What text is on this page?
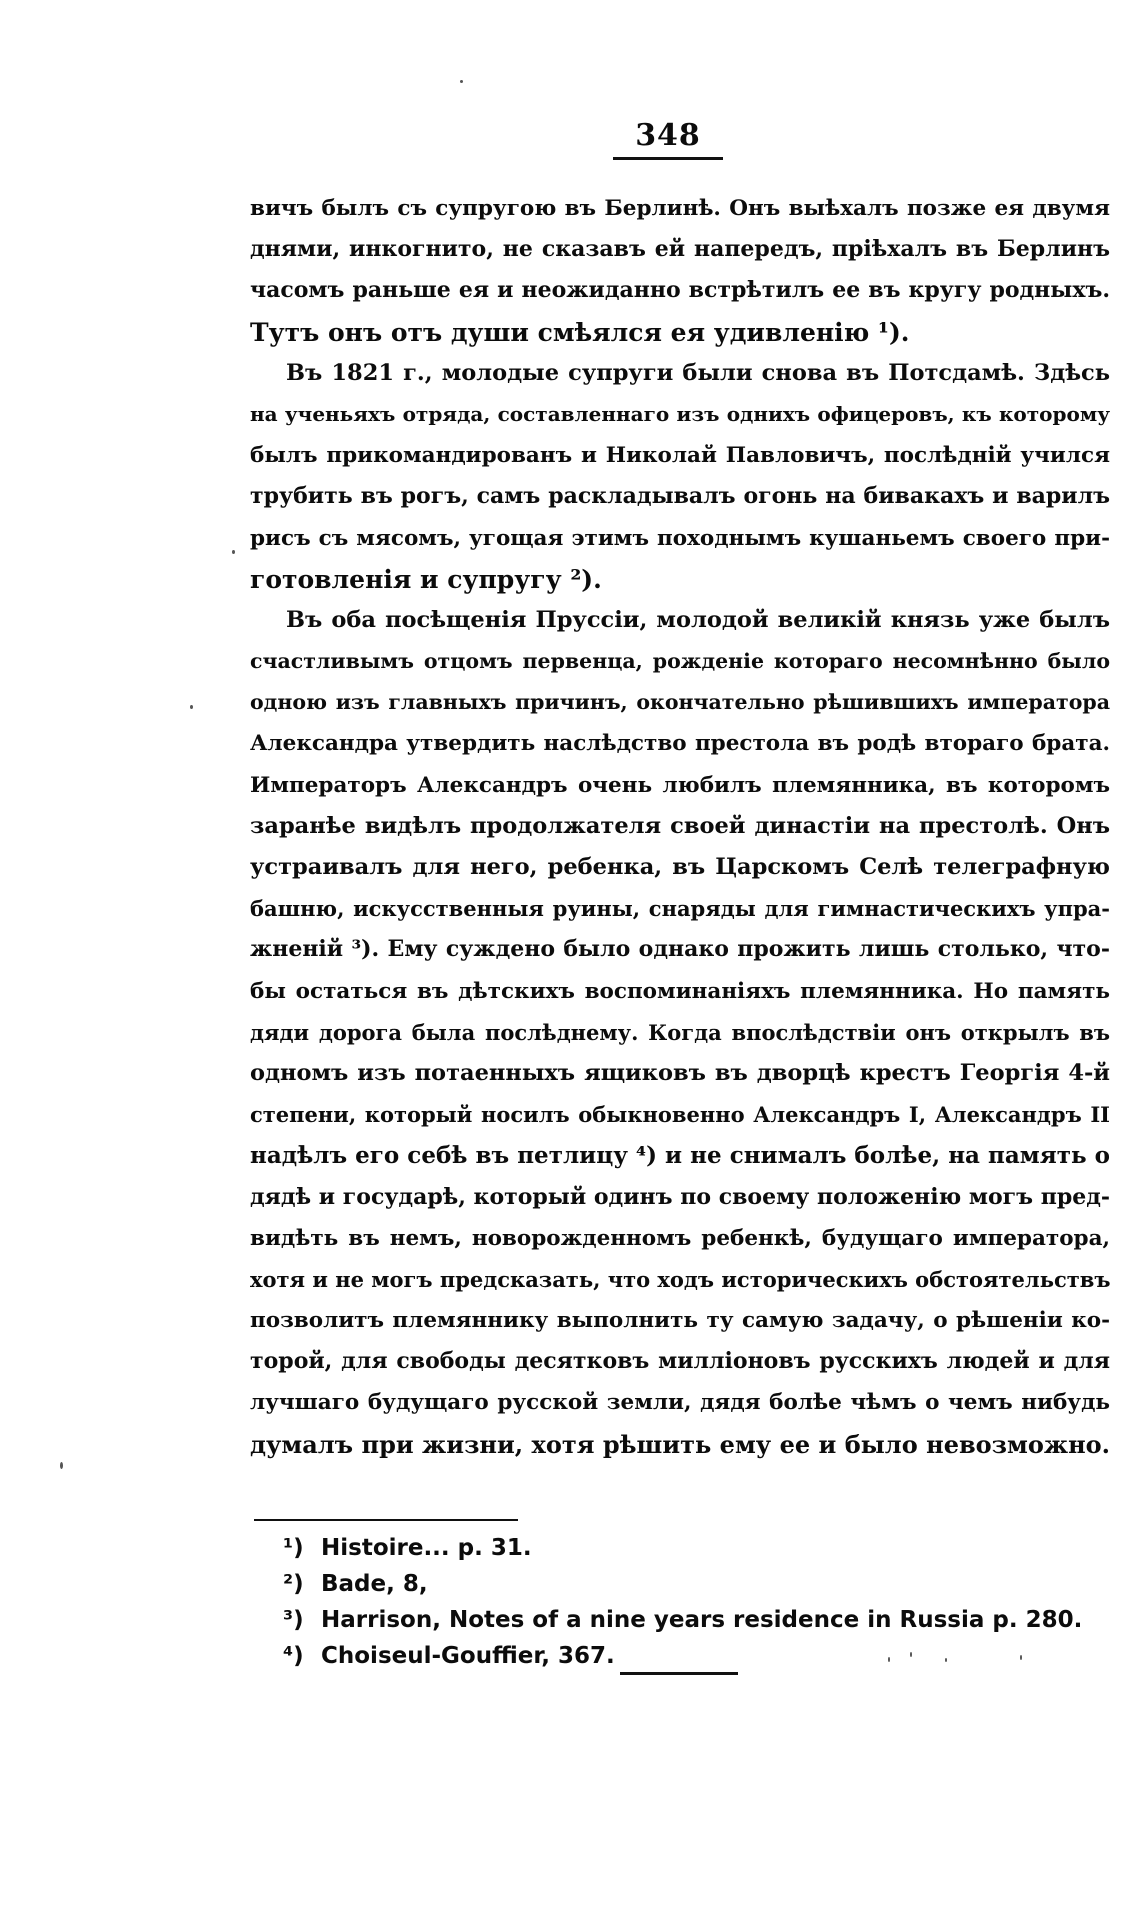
348
вичъ былъ съ супругою въ Берлинѣ. Онъ выѣхалъ позже ея двумя
днями, инкогнито, не сказавъ ей напередъ, пріѣхалъ въ Берлинъ
часомъ раньше ея и неожиданно встрѣтилъ ее въ кругу родныхъ.
Тутъ онъ отъ души смѣялся ея удивленію ¹).
Въ 1821 г., молодые супруги были снова въ Потсдамѣ. Здѣсь
на ученьяхъ отряда, составленнаго изъ однихъ офицеровъ, къ которому
былъ прикомандированъ и Николай Павловичъ, послѣдній учился
трубить въ рогъ, самъ раскладывалъ огонь на бивакахъ и варилъ
рисъ съ мясомъ, угощая этимъ походнымъ кушаньемъ своего при-
готовленія и супругу ²).
Въ оба посѣщенія Пруссіи, молодой великій князь уже былъ
счастливымъ отцомъ первенца, рожденіе котораго несомнѣнно было
одною изъ главныхъ причинъ, окончательно рѣшившихъ императора
Александра утвердить наслѣдство престола въ родѣ втораго брата.
Императоръ Александръ очень любилъ племянника, въ которомъ
заранѣе видѣлъ продолжателя своей династіи на престолѣ. Онъ
устраивалъ для него, ребенка, въ Царскомъ Селѣ телеграфную
башню, искусственныя руины, снаряды для гимнастическихъ упра-
жненій ³). Ему суждено было однако прожить лишь столько, что-
бы остаться въ дѣтскихъ воспоминаніяхъ племянника. Но память
дяди дорога была послѣднему. Когда впослѣдствіи онъ открылъ въ
одномъ изъ потаенныхъ ящиковъ въ дворцѣ крестъ Георгія 4-й
степени, который носилъ обыкновенно Александръ I, Александръ II
надѣлъ его себѣ въ петлицу ⁴) и не снималъ болѣе, на память о
дядѣ и государѣ, который одинъ по своему положенію могъ пред-
видѣть въ немъ, новорожденномъ ребенкѣ, будущаго императора,
хотя и не могъ предсказать, что ходъ историческихъ обстоятельствъ
позволитъ племяннику выполнить ту самую задачу, о рѣшеніи ко-
торой, для свободы десятковъ милліоновъ русскихъ людей и для
лучшаго будущаго русской земли, дядя болѣе чѣмъ о чемъ нибудь
думалъ при жизни, хотя рѣшить ему ее и было невозможно.
¹) Histoire... p. 31.
²) Bade, 8,
³) Harrison, Notes of a nine years residence in Russia p. 280.
⁴) Choiseul-Gouffier, 367.
